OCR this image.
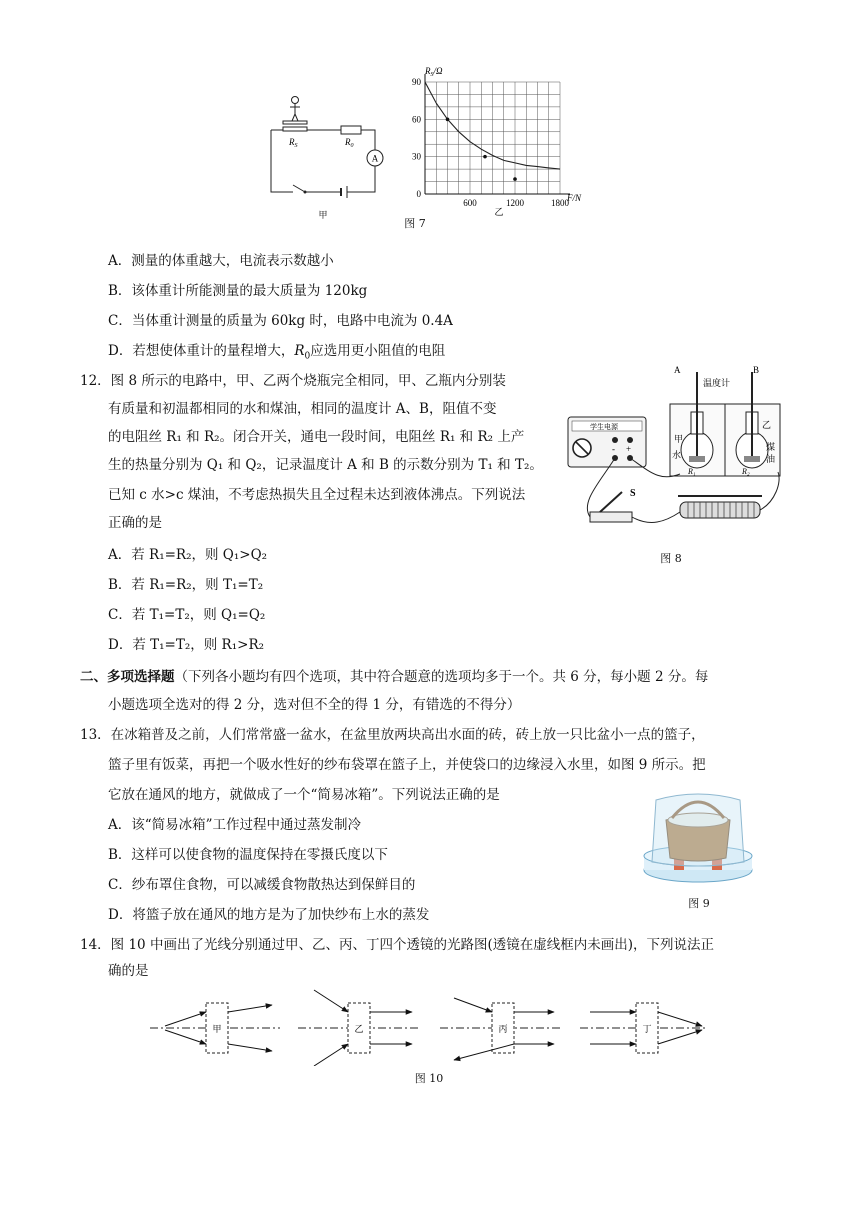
$R_S$	$R_0$
A
甲
$R_S/\Omega$
F/N
乙
90
60
30
0
600	1200	1800
图 7
A．测量的体重越大，电流表示数越小
B．该体重计所能测量的最大质量为 120kg
C．当体重计测量的质量为 60kg 时，电路中电流为 0.4A
D．若想使体重计的量程增大，$R_0$应选用更小阻值的电阻
12．图 8 所示的电路中，甲、乙两个烧瓶完全相同，甲、乙瓶内分别装
有质量和初温都相同的水和煤油，相同的温度计 A、B，阻值不变
的电阻丝 R₁ 和 R₂。闭合开关，通电一段时间，电阻丝 R₁ 和 R₂ 上产
生的热量分别为 Q₁ 和 Q₂，记录温度计 A 和 B 的示数分别为 T₁ 和 T₂。
已知 c 水>c 煤油，不考虑热损失且全过程未达到液体沸点。下列说法
正确的是
A．若 R₁=R₂，则 Q₁>Q₂
B．若 R₁=R₂，则 T₁=T₂
C．若 T₁=T₂，则 Q₁=Q₂
D．若 T₁=T₂，则 R₁>R₂
学生电源
+
-
A	B
温度计
乙
甲
水
煤
油
R₁	R₂
S
图 8
二、多项选择题（下列各小题均有四个选项，其中符合题意的选项均多于一个。共 6 分，每小题 2 分。每
小题选项全选对的得 2 分，选对但不全的得 1 分，有错选的不得分）
13．在冰箱普及之前，人们常常盛一盆水，在盆里放两块高出水面的砖，砖上放一只比盆小一点的篮子，
篮子里有饭菜，再把一个吸水性好的纱布袋罩在篮子上，并使袋口的边缘浸入水里，如图 9 所示。把
它放在通风的地方，就做成了一个“简易冰箱”。下列说法正确的是
A．该“简易冰箱”工作过程中通过蒸发制冷
B．这样可以使食物的温度保持在零摄氏度以下
C．纱布罩住食物，可以减缓食物散热达到保鲜目的
D．将篮子放在通风的地方是为了加快纱布上水的蒸发
图 9
14．图 10 中画出了光线分别通过甲、乙、丙、丁四个透镜的光路图(透镜在虚线框内未画出)，下列说法正
确的是
甲	乙	丙	丁
图 10
